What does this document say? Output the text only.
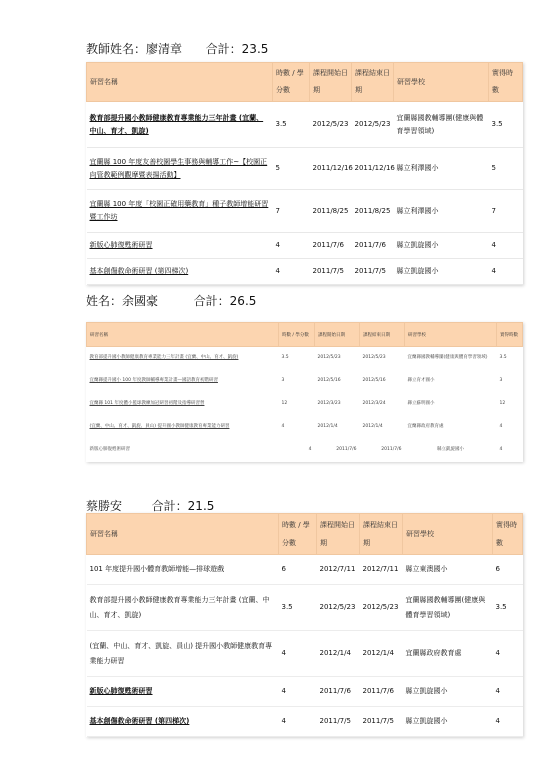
教師姓名：廖清章 合計：23.5
研習名稱	時數 / 學分數	課程開始日期	課程結束日期	研習學校	實得時數
教育部提升國小教師健康教育專業能力三年計畫 (宜蘭、中山、育才、凱旋)	3.5	2012/5/23	2012/5/23	宜蘭縣國教輔導團(健康與體育學習領域)	3.5
宜蘭縣 100 年度友善校園學生事務與輔導工作~【校園正向管教範例觀摩暨表揚活動】	5	2011/12/16	2011/12/16	縣立利澤國小	5
宜蘭縣 100 年度「校園正確用藥教育」種子教師增能研習暨工作坊	7	2011/8/25	2011/8/25	縣立利澤國小	7
新版心肺復甦術研習	4	2011/7/6	2011/7/6	縣立凱旋國小	4
基本創傷救命術研習 (第四梯次)	4	2011/7/5	2011/7/5	縣立凱旋國小	4
姓名：余國豪	合計：26.5
研習名稱	時數 / 學分數	課程開始日期	課程結束日期	研習學校	實得時數
教育部提升國小教師健康教育專業能力三年計畫 (宜蘭、中山、育才、凱旋)	3.5	2012/5/23	2012/5/23	宜蘭縣國教輔導團(健康與體育學習領域)	3.5
宜蘭縣提升國小 100 年度教師輔導專業計畫—國語教育初階研習	3	2012/5/16	2012/5/16	縣立育才國小	3
宜蘭縣 101 年度體小籃球教練加冠研習初階及指導研習營	12	2012/3/23	2012/3/24	縣立蘇明國小	12
(宜蘭、中山、育才、凱旋、員山) 提升國小教師健康教育專業能力研習	4	2012/1/4	2012/1/4	宜蘭縣政府教育處	4
新版心肺復甦術研習	4	2011/7/6	2011/7/6	縣立凱旋國小	4
蔡勝安 合計：21.5
研習名稱	時數 / 學分數	課程開始日期	課程結束日期	研習學校	實得時數
101 年度提升國小體育教師增能—排球遊戲	6	2012/7/11	2012/7/11	縣立東澳國小	6
教育部提升國小教師健康教育專業能力三年計畫 (宜蘭、中山、育才、凱旋)	3.5	2012/5/23	2012/5/23	宜蘭縣國教輔導團(健康與體育學習領域)	3.5
(宜蘭、中山、育才、凱旋、員山) 提升國小教師健康教育專業能力研習	4	2012/1/4	2012/1/4	宜蘭縣政府教育處	4
新版心肺復甦術研習	4	2011/7/6	2011/7/6	縣立凱旋國小	4
基本創傷救命術研習 (第四梯次)	4	2011/7/5	2011/7/5	縣立凱旋國小	4
